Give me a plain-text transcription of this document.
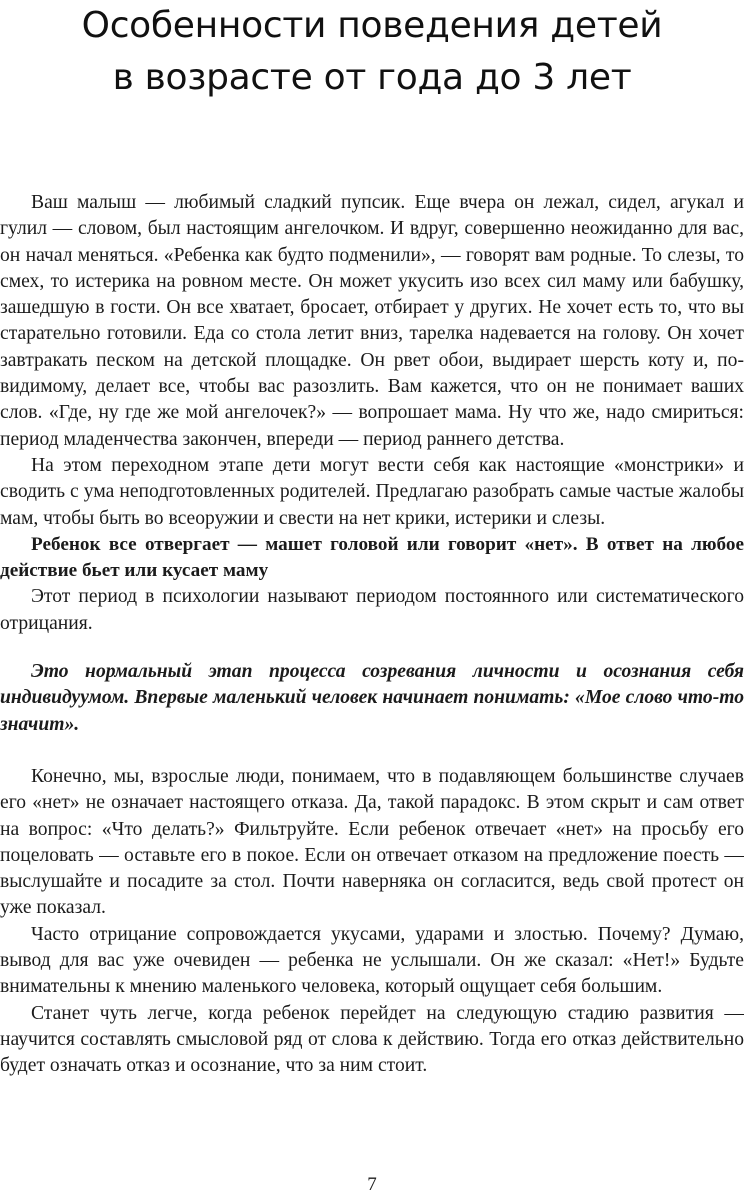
Особенности поведения детей
в возрасте от года до 3 лет

Ваш малыш — любимый сладкий пупсик. Еще вчера он лежал, сидел, агукал и гулил — словом, был настоящим ангелочком. И вдруг, совершенно неожиданно для вас, он начал меняться. «Ребенка как будто подменили», — говорят вам родные. То слезы, то смех, то истерика на ровном месте. Он может укусить изо всех сил маму или бабушку, зашедшую в гости. Он все хватает, бросает, отбирает у других. Не хочет есть то, что вы старательно готовили. Еда со стола летит вниз, тарелка надевается на голову. Он хочет завтракать песком на детской площадке. Он рвет обои, выдирает шерсть коту и, по-видимому, делает все, чтобы вас разозлить. Вам кажется, что он не понимает ваших слов. «Где, ну где же мой ангелочек?» — вопрошает мама. Ну что же, надо смириться: период младенчества закончен, впереди — период раннего детства.

На этом переходном этапе дети могут вести себя как настоящие «монстрики» и сводить с ума неподготовленных родителей. Предлагаю разобрать самые частые жалобы мам, чтобы быть во всеоружии и свести на нет крики, истерики и слезы.

Ребенок все отвергает — машет головой или говорит «нет». В ответ на любое действие бьет или кусает маму

Этот период в психологии называют периодом постоянного или систематического отрицания.

Это нормальный этап процесса созревания личности и осознания себя индивидуумом. Впервые маленький человек начинает понимать: «Мое слово что-то значит».

Конечно, мы, взрослые люди, понимаем, что в подавляющем большинстве случаев его «нет» не означает настоящего отказа. Да, такой парадокс. В этом скрыт и сам ответ на вопрос: «Что делать?» Фильтруйте. Если ребенок отвечает «нет» на просьбу его поцеловать — оставьте его в покое. Если он отвечает отказом на предложение поесть — выслушайте и посадите за стол. Почти наверняка он согласится, ведь свой протест он уже показал.

Часто отрицание сопровождается укусами, ударами и злостью. Почему? Думаю, вывод для вас уже очевиден — ребенка не услышали. Он же сказал: «Нет!» Будьте внимательны к мнению маленького человека, который ощущает себя большим.

Станет чуть легче, когда ребенок перейдет на следующую стадию развития — научится составлять смысловой ряд от слова к действию. Тогда его отказ действительно будет означать отказ и осознание, что за ним стоит.

7
